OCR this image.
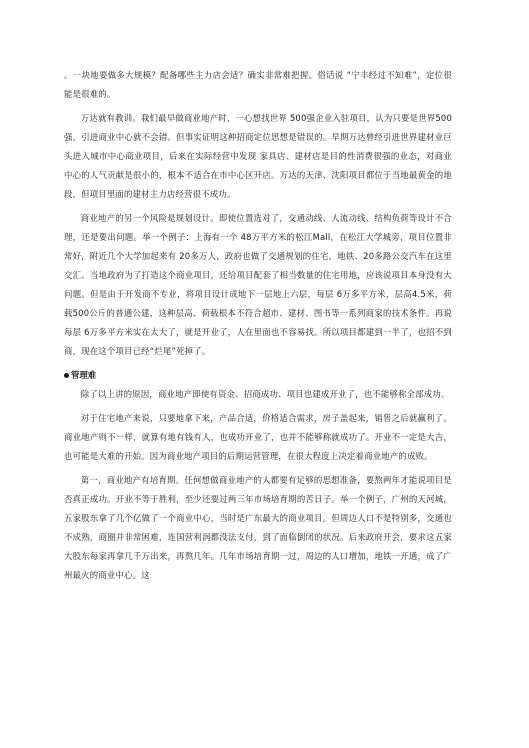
。一块地要做多大规模？配备哪些主力店会适？确实非常难把握。俗话说 “宁丰经过不知难”，定位很能是很难的。

万达就有教训。我们最早做商业地产时，一心想找世界 500强企业入驻项目，认为只要是世界500强，引进商业中心就不会错。但事实证明这种招商定位思想是错误的。早期万达曾经引进世界建材业巨头进入城市中心商业项目，后来在实际经营中发现 家具店、建材店是目的性消费很强的业态，对商业中心的人气贡献是很小的，根本不适合在市中心区开店。万达的天津、沈阳项目都位于当地最黄金的地段，但项目里面的建材主力店经营很不成功。

商业地产的另一个风险是规划设计。即使位置选对了，交通动线、人流动线、结构负荷等设计不合理，还是要出问题。举一个例子：上海有一个 48万平方米的松江Mall，在松江大学城旁，项目位置非常好，附近几个大学加起来有 20多万人，政府也做了交通规划的住宅，地铁、20多路公交汽车在这里交汇。当地政府为了打造这个商业项目，还给项目配套了相当数量的住宅用地，应该说项目本身没有大问题。但是由于开发商不专业，将项目设计成地下一层地上六层，每层 6万多平方米，层高4.5米，荷载500公斤的普通公建，这种层高、荷载根本不符合超市、建材、图书等一系列商家的技术条件。再说每层 6万多平方米实在太大了，就是开业了，人在里面也不容易找。所以项目都建到一半了，也招不到商，现在这个项目已经“烂尾”死掉了。

管理难

除了以上讲的原因，商业地产即使有资金、招商成功、项目也建成开业了，也不能够称全部成功。

对于住宅地产来说，只要地拿下来，产品合适，价格适合需求，房子盖起来，销售之后就赢利了。商业地产则不一样，就算有地有钱有人，也成功开业了，也并不能够称就成功了。开业不一定是大吉，也可能是大难的开始。因为商业地产项目的后期运营管理，在很大程度上决定着商业地产的成败。

第一，商业地产有培育期。任何想做商业地产的人都要有足够的思想准备，要熬两年才能说项目是否真正成功。开业不等于胜利，至少还要过两三年市场培育期的苦日子。举一个例子，广州的天河城，五家股东拿了几个亿做了一个商业中心，当时是广东最大的商业项目。但周边人口不是特别多，交通也不成熟，商圈并非常困难，连国营利润都没法支付，到了面临倒闭的状况。后来政府开会，要求这五家大股东每家再拿几千万出来，再熬几年。几年市场培育期一过，周边的人口增加，地铁一开通，成了广州最火的商业中心。这
